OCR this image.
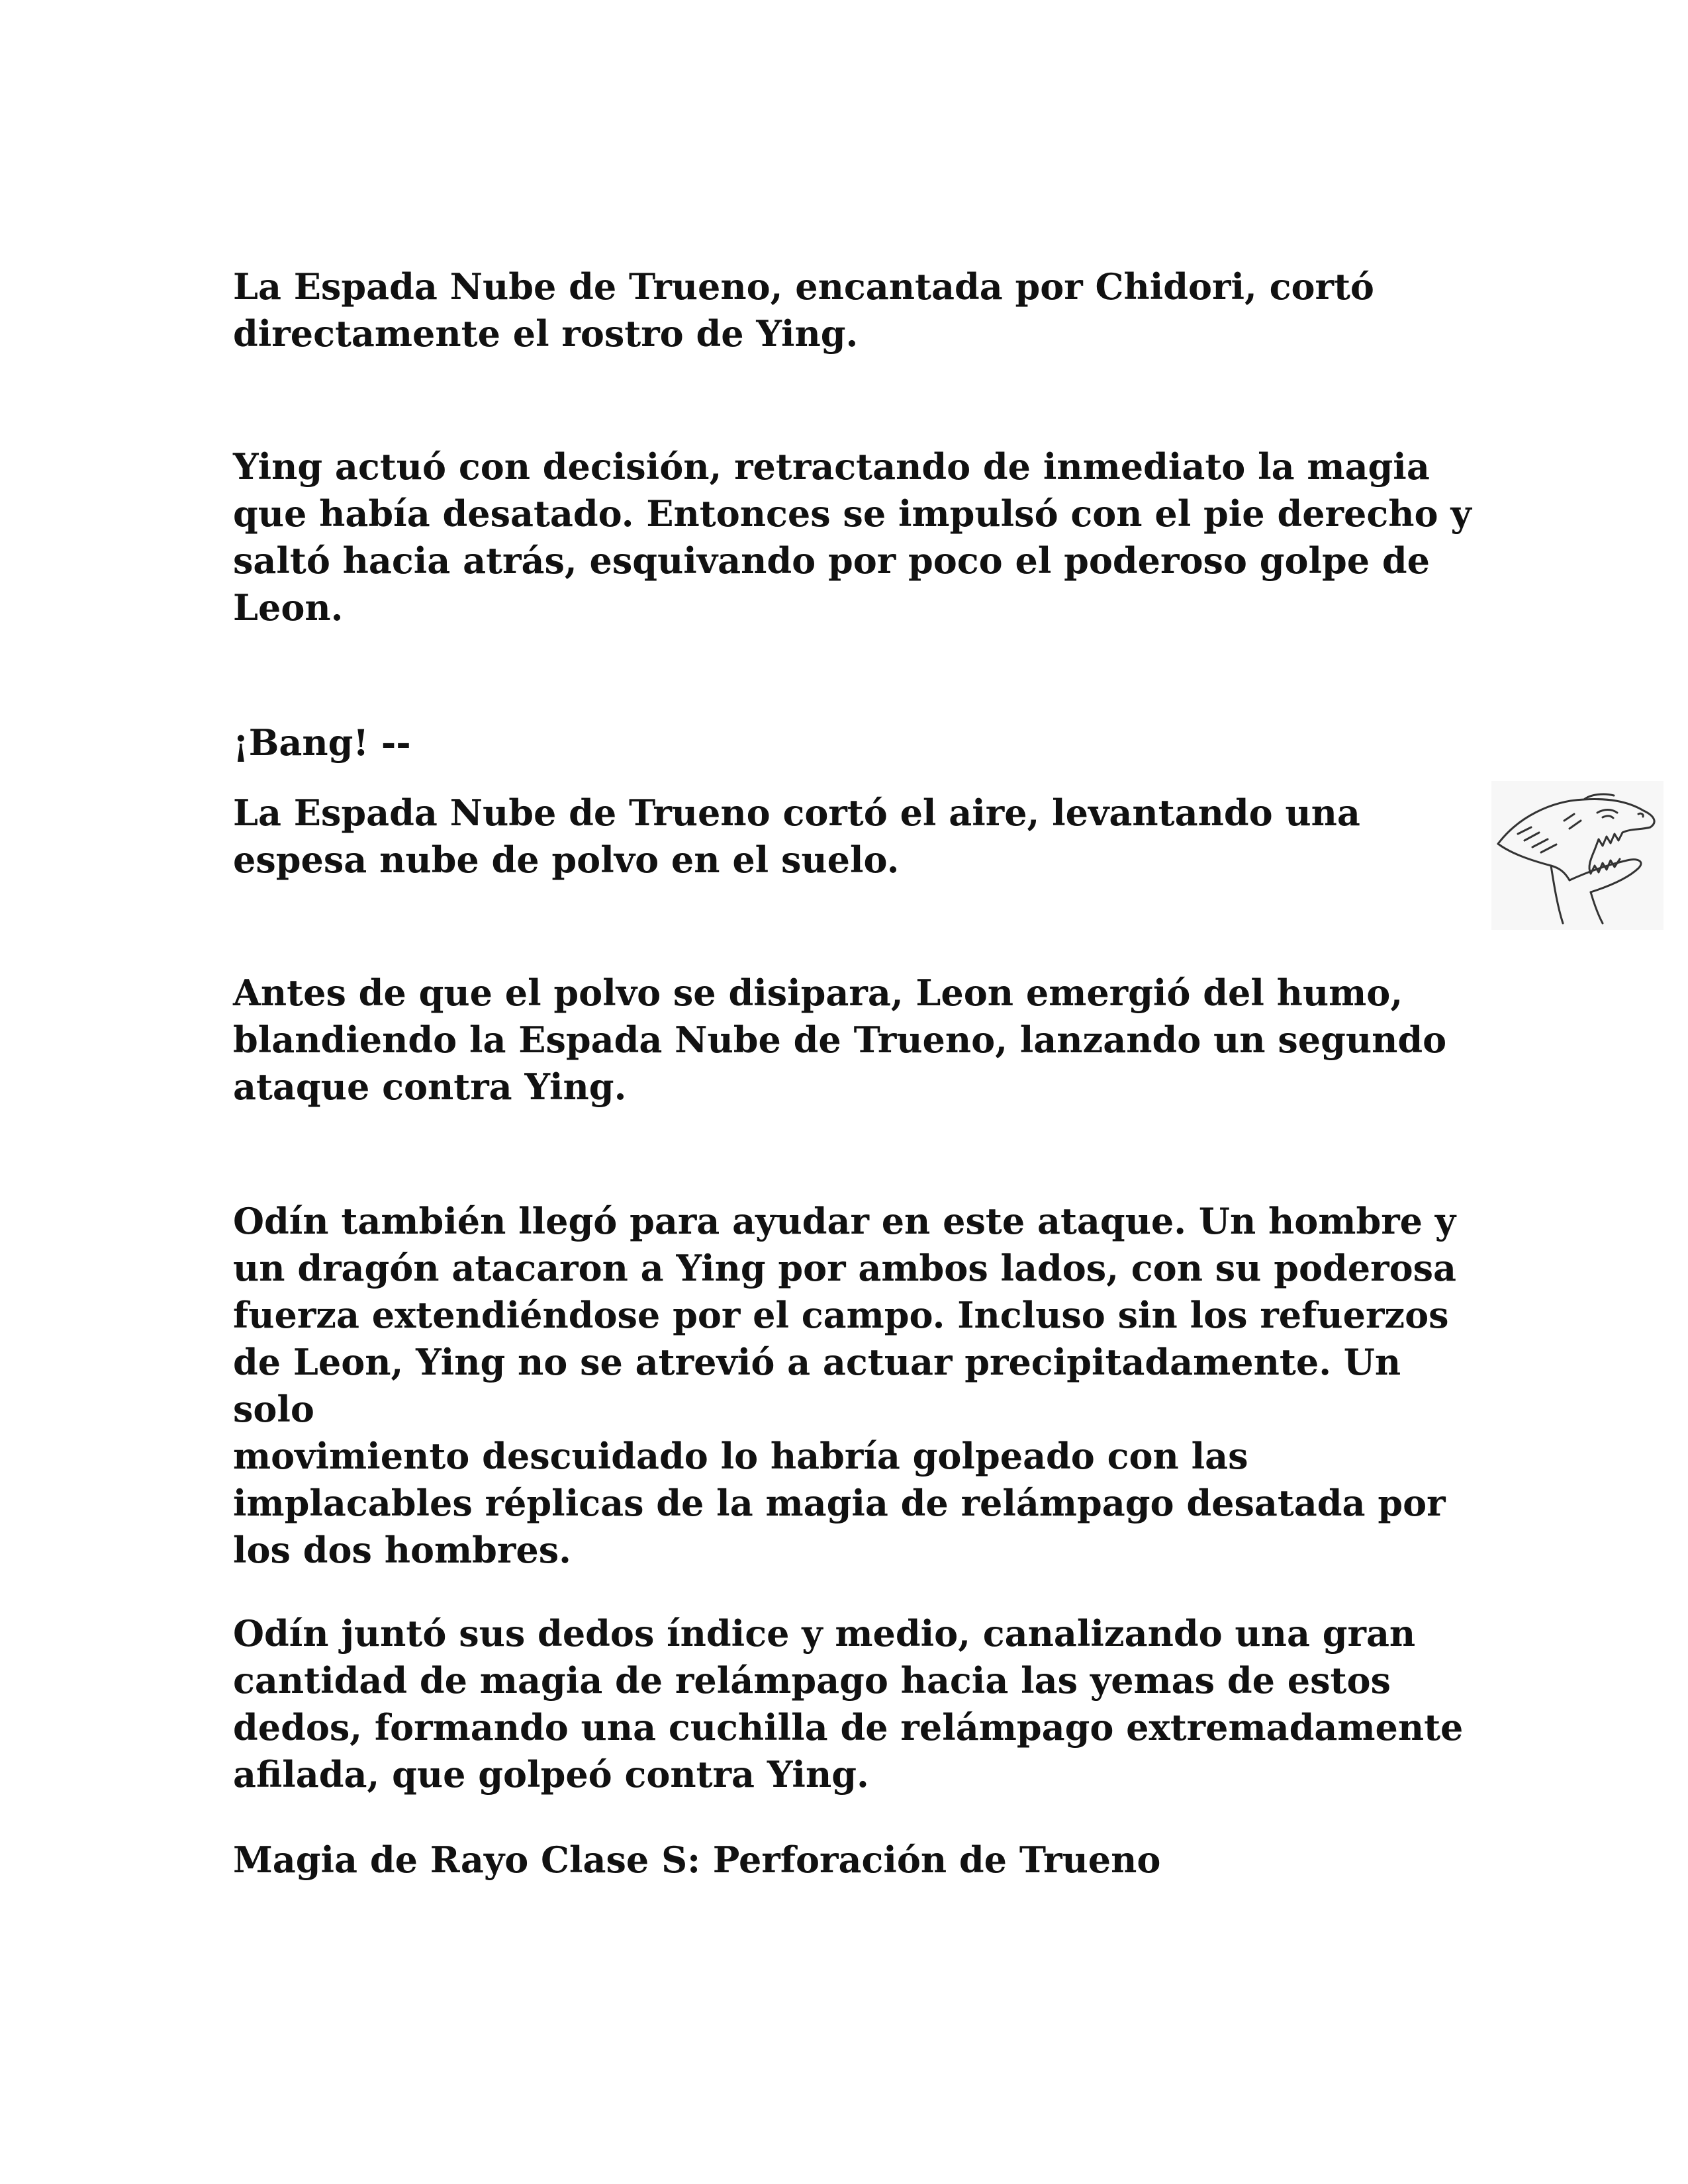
La Espada Nube de Trueno, encantada por Chidori, cortó
directamente el rostro de Ying.

Ying actuó con decisión, retractando de inmediato la magia
que había desatado. Entonces se impulsó con el pie derecho y
saltó hacia atrás, esquivando por poco el poderoso golpe de
Leon.

¡Bang! --

La Espada Nube de Trueno cortó el aire, levantando una
espesa nube de polvo en el suelo.

Antes de que el polvo se disipara, Leon emergió del humo,
blandiendo la Espada Nube de Trueno, lanzando un segundo
ataque contra Ying.

Odín también llegó para ayudar en este ataque. Un hombre y
un dragón atacaron a Ying por ambos lados, con su poderosa
fuerza extendiéndose por el campo. Incluso sin los refuerzos
de Leon, Ying no se atrevió a actuar precipitadamente. Un solo
movimiento descuidado lo habría golpeado con las
implacables réplicas de la magia de relámpago desatada por
los dos hombres.

Odín juntó sus dedos índice y medio, canalizando una gran
cantidad de magia de relámpago hacia las yemas de estos
dedos, formando una cuchilla de relámpago extremadamente
afilada, que golpeó contra Ying.

Magia de Rayo Clase S: Perforación de Trueno
